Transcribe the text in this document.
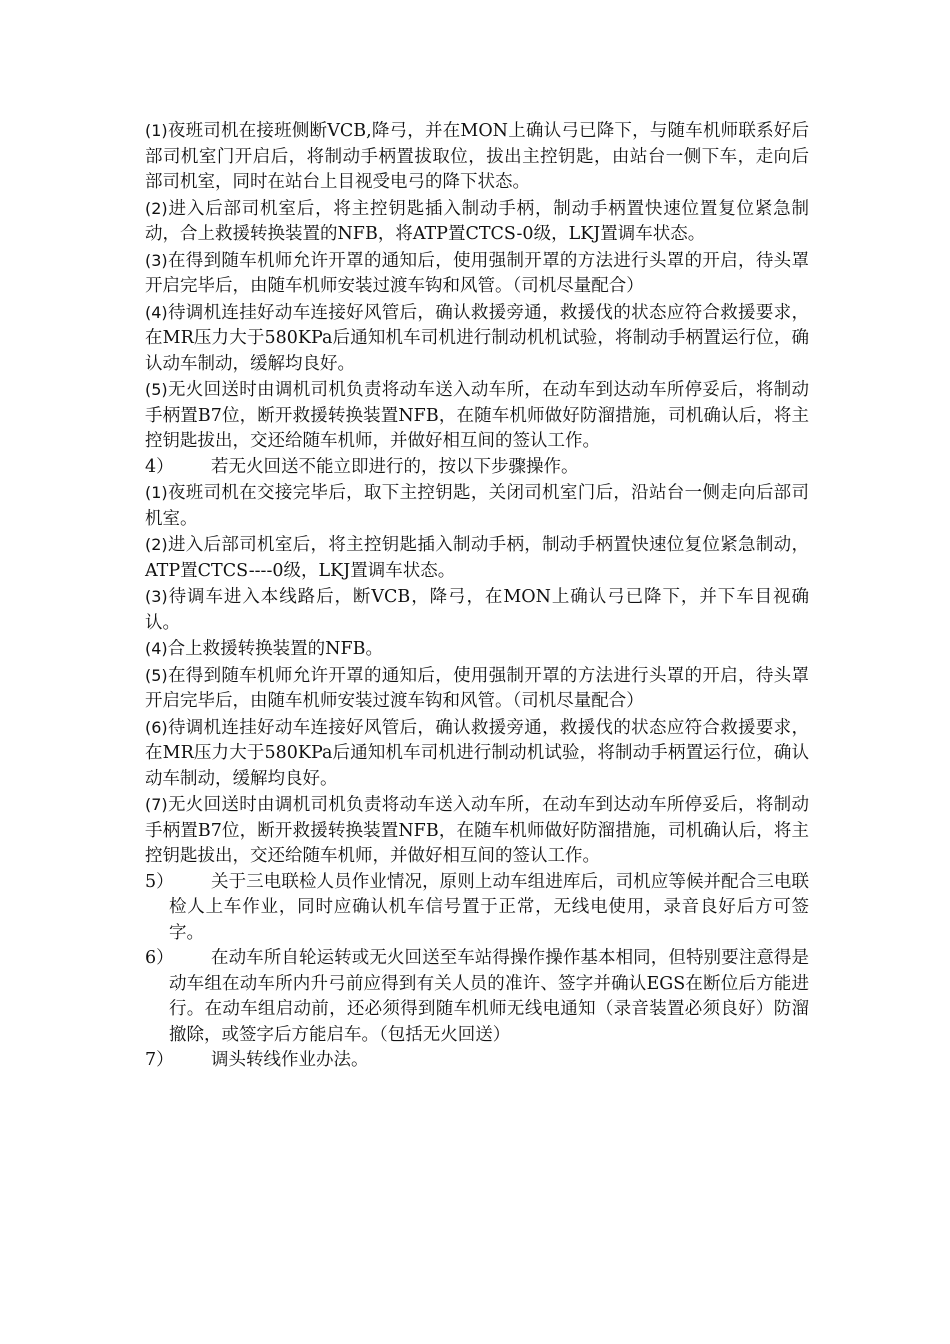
(1)夜班司机在接班侧断VCB,降弓，并在MON上确认弓已降下，与随车机师联系好后部司机室门开启后，将制动手柄置拔取位，拔出主控钥匙，由站台一侧下车，走向后部司机室，同时在站台上目视受电弓的降下状态。

(2)进入后部司机室后，将主控钥匙插入制动手柄，制动手柄置快速位置复位紧急制动，合上救援转换装置的NFB，将ATP置CTCS-0级，LKJ置调车状态。

(3)在得到随车机师允许开罩的通知后，使用强制开罩的方法进行头罩的开启，待头罩开启完毕后，由随车机师安装过渡车钩和风管。（司机尽量配合）

(4)待调机连挂好动车连接好风管后，确认救援旁通，救援伐的状态应符合救援要求，在MR压力大于580KPa后通知机车司机进行制动机机试验，将制动手柄置运行位，确认动车制动，缓解均良好。

(5)无火回送时由调机司机负责将动车送入动车所，在动车到达动车所停妥后，将制动手柄置B7位，断开救援转换装置NFB，在随车机师做好防溜措施，司机确认后，将主控钥匙拔出，交还给随车机师，并做好相互间的签认工作。

4）	若无火回送不能立即进行的，按以下步骤操作。

(1)夜班司机在交接完毕后，取下主控钥匙，关闭司机室门后，沿站台一侧走向后部司机室。

(2)进入后部司机室后，将主控钥匙插入制动手柄，制动手柄置快速位复位紧急制动，ATP置CTCS----0级，LKJ置调车状态。

(3)待调车进入本线路后，断VCB，降弓，在MON上确认弓已降下，并下车目视确认。

(4)合上救援转换装置的NFB。

(5)在得到随车机师允许开罩的通知后，使用强制开罩的方法进行头罩的开启，待头罩开启完毕后，由随车机师安装过渡车钩和风管。（司机尽量配合）

(6)待调机连挂好动车连接好风管后，确认救援旁通，救援伐的状态应符合救援要求，在MR压力大于580KPa后通知机车司机进行制动机试验，将制动手柄置运行位，确认动车制动，缓解均良好。

(7)无火回送时由调机司机负责将动车送入动车所，在动车到达动车所停妥后，将制动手柄置B7位，断开救援转换装置NFB，在随车机师做好防溜措施，司机确认后，将主控钥匙拔出，交还给随车机师，并做好相互间的签认工作。

5）	关于三电联检人员作业情况，原则上动车组进库后，司机应等候并配合三电联检人上车作业，同时应确认机车信号置于正常，无线电使用，录音良好后方可签字。
6）	在动车所自轮运转或无火回送至车站得操作操作基本相同，但特别要注意得是动车组在动车所内升弓前应得到有关人员的准许、签字并确认EGS在断位后方能进行。在动车组启动前，还必须得到随车机师无线电通知（录音装置必须良好）防溜撤除，或签字后方能启车。（包括无火回送）
7）	调头转线作业办法。
